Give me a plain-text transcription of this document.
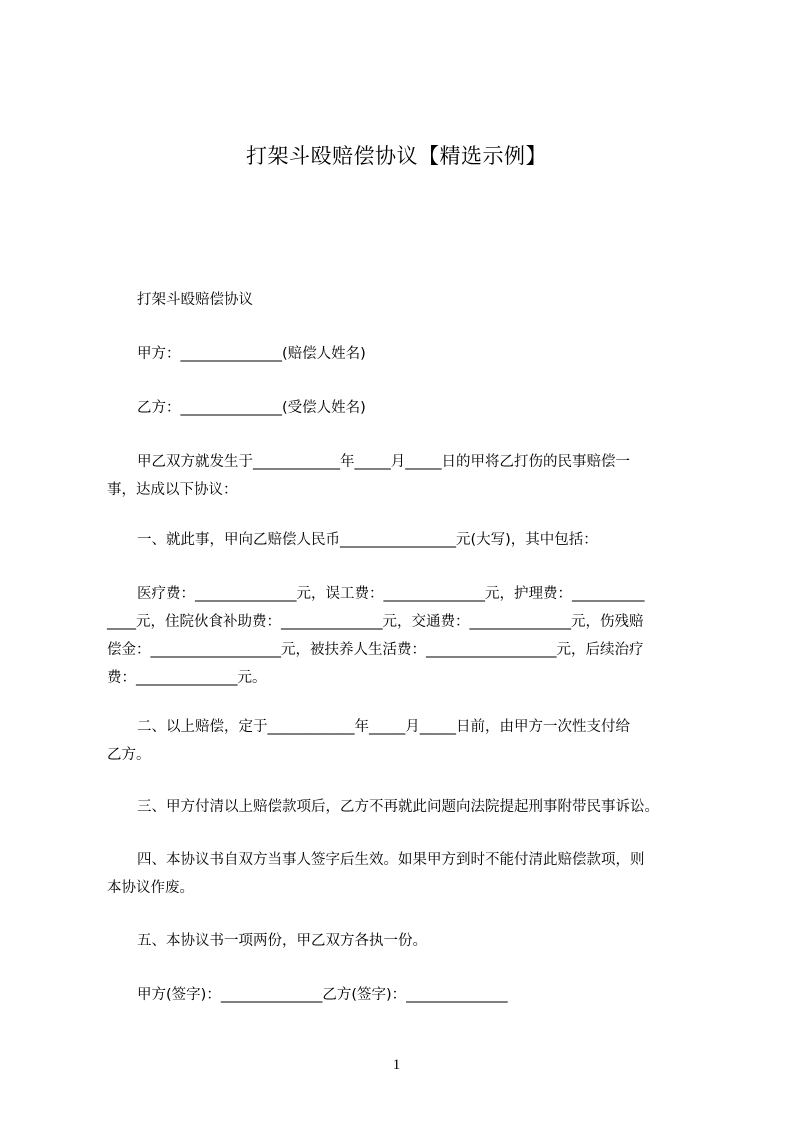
打架斗殴赔偿协议【精选示例】
打架斗殴赔偿协议
甲方：______________(赔偿人姓名)
乙方：______________(受偿人姓名)
甲乙双方就发生于____________年_____月_____日的甲将乙打伤的民事赔偿一
事，达成以下协议：
一、就此事，甲向乙赔偿人民币________________元(大写)，其中包括：
医疗费：______________元，误工费：______________元，护理费：__________
____元，住院伙食补助费：______________元，交通费：______________元，伤残赔
偿金：__________________元，被扶养人生活费：__________________元，后续治疗
费：______________元。
二、以上赔偿，定于____________年_____月_____日前，由甲方一次性支付给
乙方。
三、甲方付清以上赔偿款项后，乙方不再就此问题向法院提起刑事附带民事诉讼。
四、本协议书自双方当事人签字后生效。如果甲方到时不能付清此赔偿款项，则
本协议作废。
五、本协议书一项两份，甲乙双方各执一份。
甲方(签字)：______________乙方(签字)：______________
1
